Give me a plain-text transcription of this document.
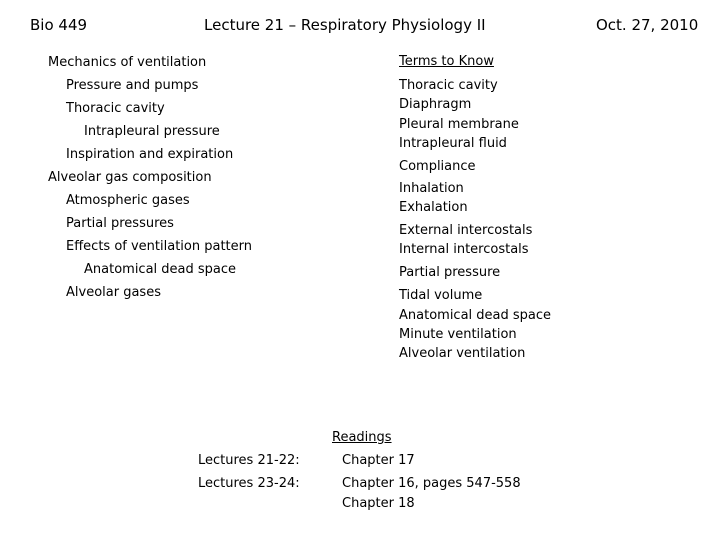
Bio 449	Lecture 21 – Respiratory Physiology II	Oct. 27, 2010
Mechanics of ventilation
Pressure and pumps
Thoracic cavity
Intrapleural pressure
Inspiration and expiration
Alveolar gas composition
Atmospheric gases
Partial pressures
Effects of ventilation pattern
Anatomical dead space
Alveolar gases
Terms to Know
Thoracic cavity
Diaphragm
Pleural membrane
Intrapleural fluid
Compliance
Inhalation
Exhalation
External intercostals
Internal intercostals
Partial pressure
Tidal volume
Anatomical dead space
Minute ventilation
Alveolar ventilation
Readings
Lectures 21-22:	Chapter 17
Lectures 23-24:	Chapter 16, pages 547-558
Chapter 18
